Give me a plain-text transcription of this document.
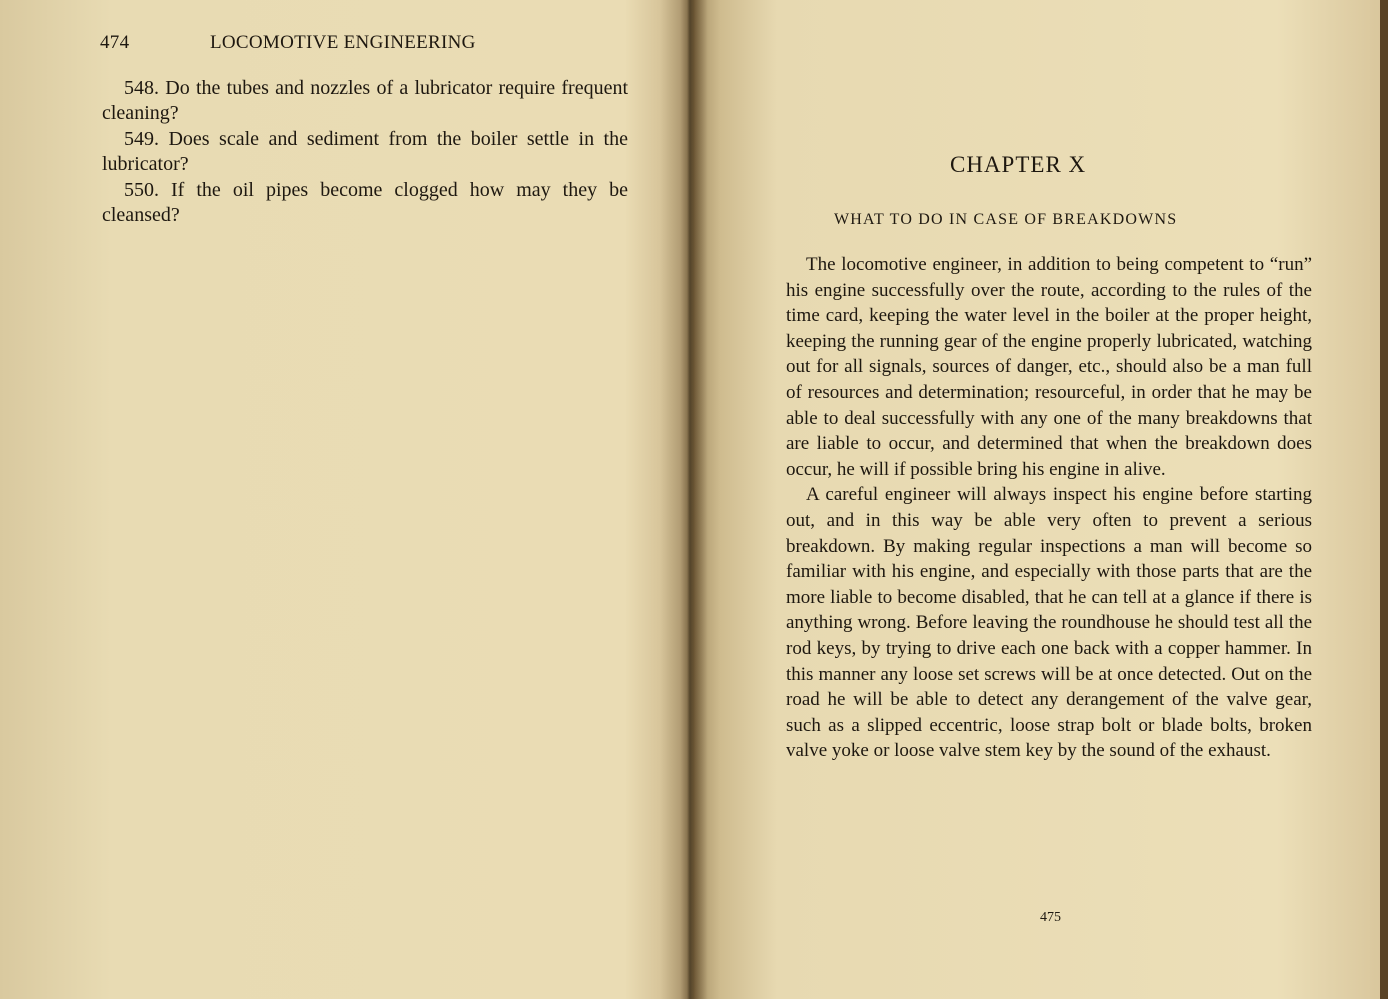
474	LOCOMOTIVE ENGINEERING

548. Do the tubes and nozzles of a lubricator require frequent cleaning?

549. Does scale and sediment from the boiler settle in the lubricator?

550. If the oil pipes become clogged how may they be cleansed?

CHAPTER X
WHAT TO DO IN CASE OF BREAKDOWNS

The locomotive engineer, in addition to being competent to “run” his engine successfully over the route, according to the rules of the time card, keeping the water level in the boiler at the proper height, keeping the running gear of the engine properly lubricated, watching out for all signals, sources of danger, etc., should also be a man full of resources and determination; resourceful, in order that he may be able to deal successfully with any one of the many breakdowns that are liable to occur, and determined that when the breakdown does occur, he will if possible bring his engine in alive.

A careful engineer will always inspect his engine before starting out, and in this way be able very often to prevent a serious breakdown. By making regular inspections a man will become so familiar with his engine, and especially with those parts that are the more liable to become disabled, that he can tell at a glance if there is anything wrong. Before leaving the roundhouse he should test all the rod keys, by trying to drive each one back with a copper hammer. In this manner any loose set screws will be at once detected. Out on the road he will be able to detect any derangement of the valve gear, such as a slipped eccentric, loose strap bolt or blade bolts, broken valve yoke or loose valve stem key by the sound of the exhaust.

475
